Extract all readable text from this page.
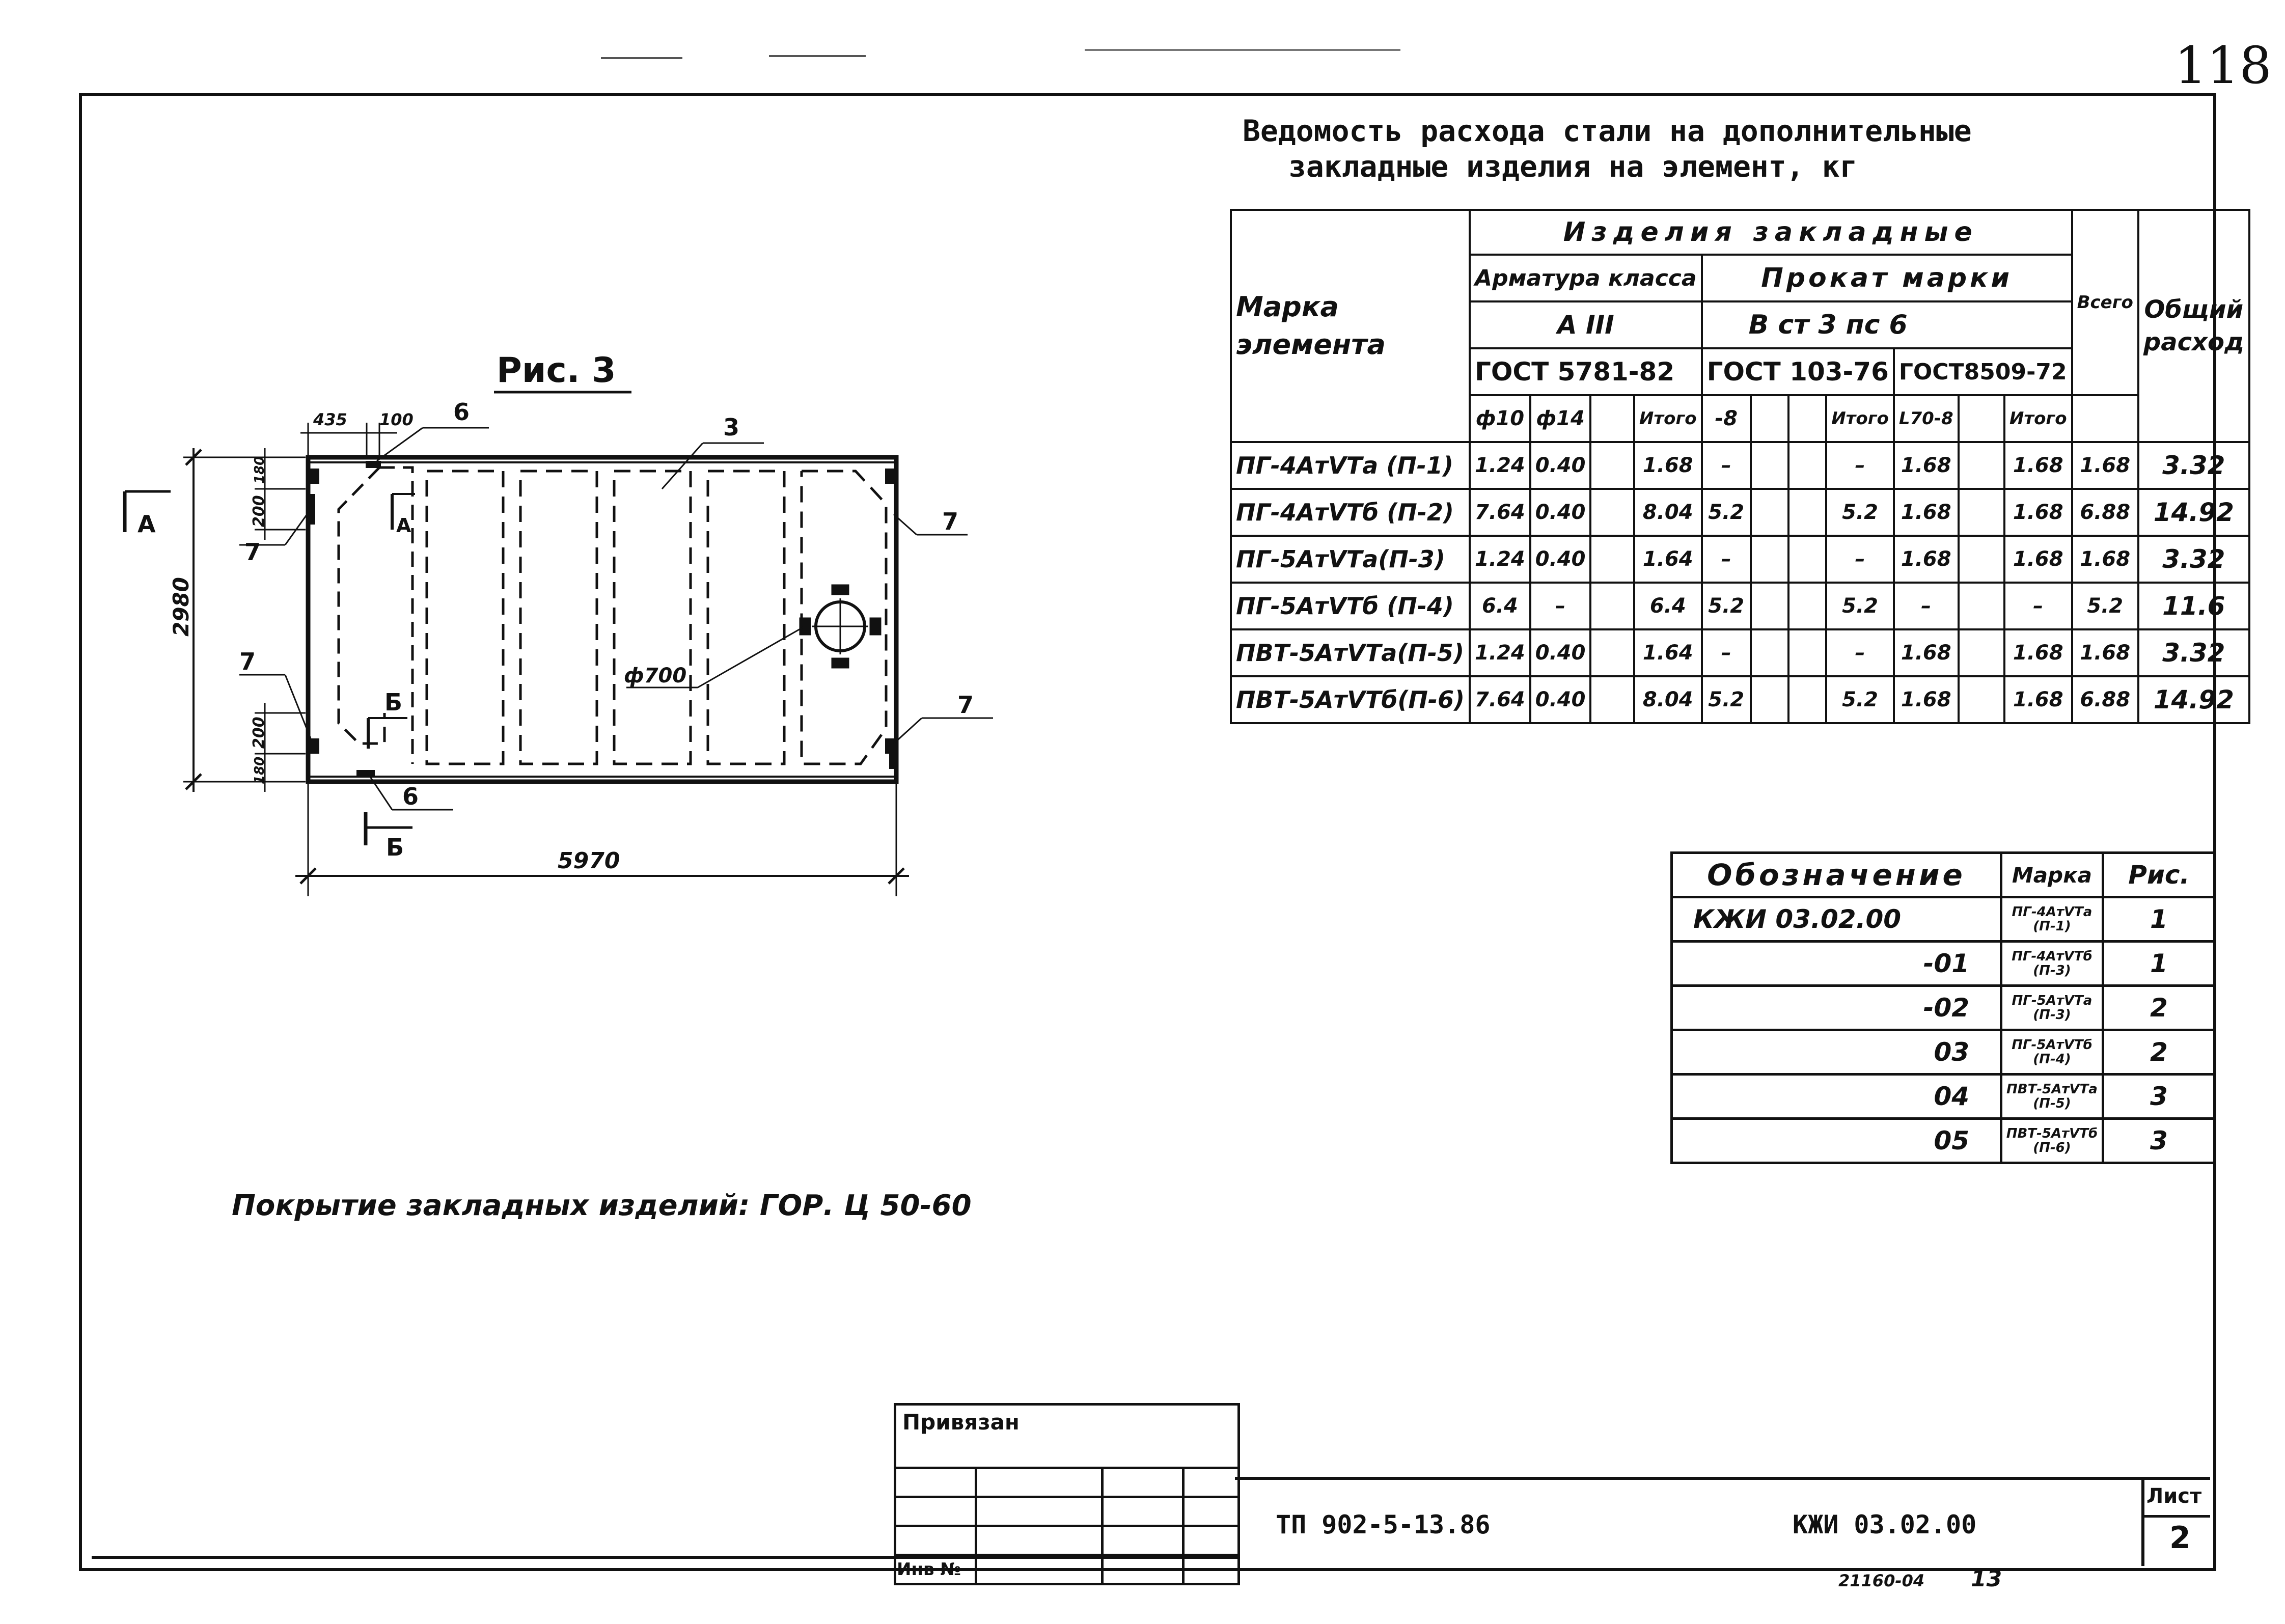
118
Ведомость расхода стали на дополнительные
закладные изделия на элемент, кг
Марка элемента	Изделия закладные											Всего	Общий расход
	Арматура класса				Прокат марки								
	А III				В ст 3 пс 6								
	ГОСТ 5781-82				ГОСТ 103-76				ГОСТ8509-72				
	ф10	ф14		Итого	-8			Итого	L70-8		Итого		
ПГ-4АтVТа (П-1)	1.24	0.40		1.68	–			–	1.68		1.68	1.68	3.32
ПГ-4АтVТб (П-2)	7.64	0.40		8.04	5.2			5.2	1.68		1.68	6.88	14.92
ПГ-5АтVТа(П-3)	1.24	0.40		1.64	–			–	1.68		1.68	1.68	3.32
ПГ-5АтVТб (П-4)	6.4	–		6.4	5.2			5.2	–		–	5.2	11.6
ПВТ-5АтVТа(П-5)	1.24	0.40		1.64	–			–	1.68		1.68	1.68	3.32
ПВТ-5АтVТб(П-6)	7.64	0.40		8.04	5.2			5.2	1.68		1.68	6.88	14.92
Обозначение	Марка	Рис.
КЖИ 03.02.00	ПГ-4АтVТа (П-1)	1
-01	ПГ-4АтVТб (П-3)	1
-02	ПГ-5АтVТа (П-3)	2
03	ПГ-5АтVТб (П-4)	2
04	ПВТ-5АтVТа (П-5)	3
05	ПВТ-5АтVТб (П-6)	3
Рис. 3
5970
2980
435 100
180
200
200
180
ф700
3
6
6
7
7
7
7
А	А
Б
Б
Покрытие закладных изделий: ГОР. Ц 50-60
Привязан

Инв №			
ТП 902-5-13.86	КЖИ 03.02.00
Лист
2
21160-04 13
